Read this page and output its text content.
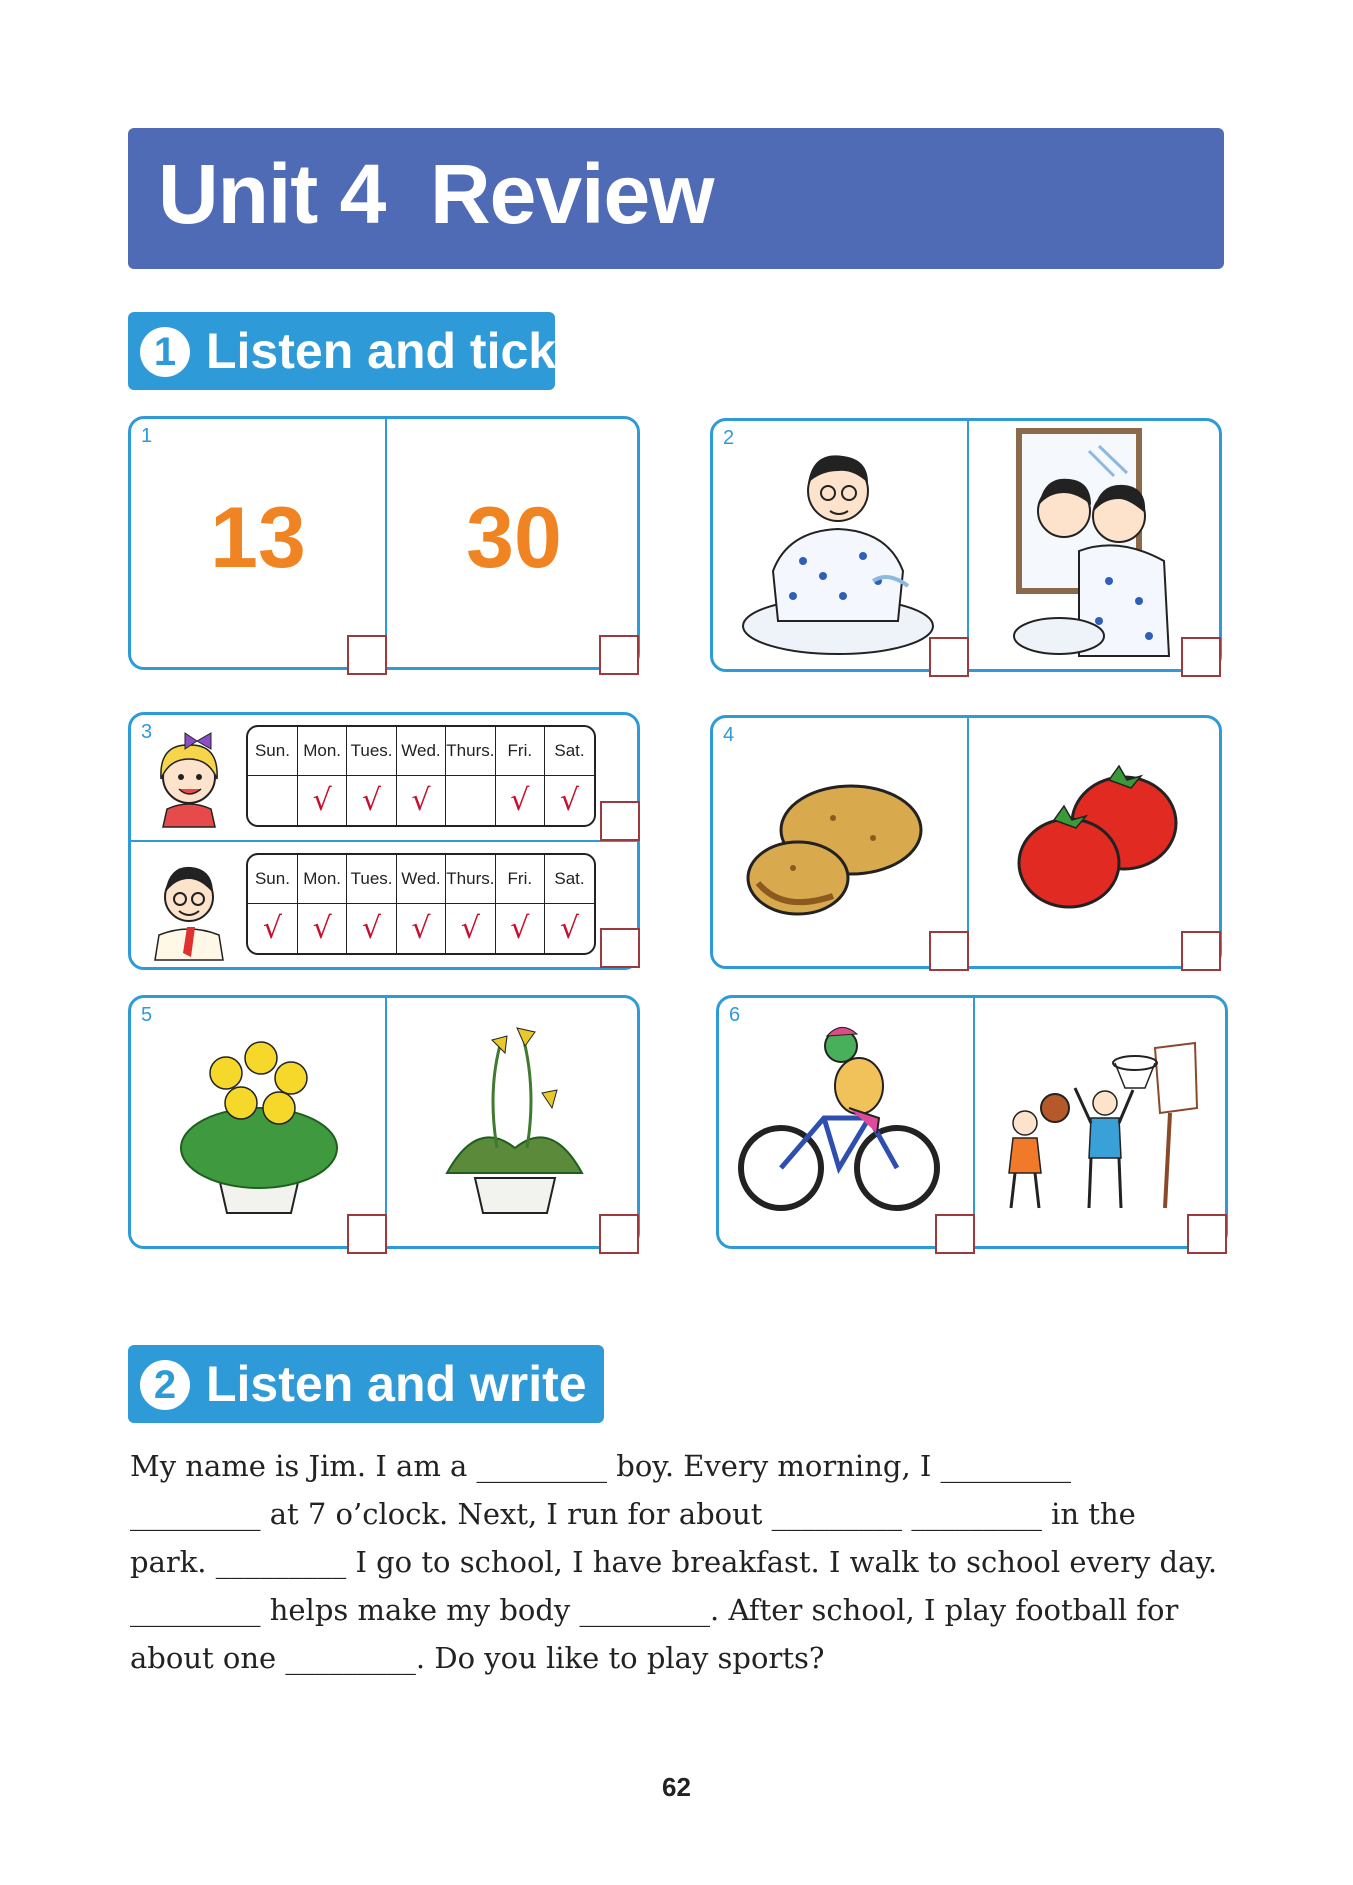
Unit 4  Review
1 Listen and tick
1
13	30
2
3
Sun.	Mon.	Tues.	Wed.	Thurs.	Fri.	Sat.
	√	√	√		√	√
Sun.	Mon.	Tues.	Wed.	Thurs.	Fri.	Sat.
√	√	√	√	√	√	√
4
5	6
2 Listen and write
My name is Jim. I am a _________ boy. Every morning, I _________
_________ at 7 o’clock. Next, I run for about _________ _________ in the
park. _________ I go to school, I have breakfast. I walk to school every day.
_________ helps make my body _________. After school, I play football for
about one _________. Do you like to play sports?
62
